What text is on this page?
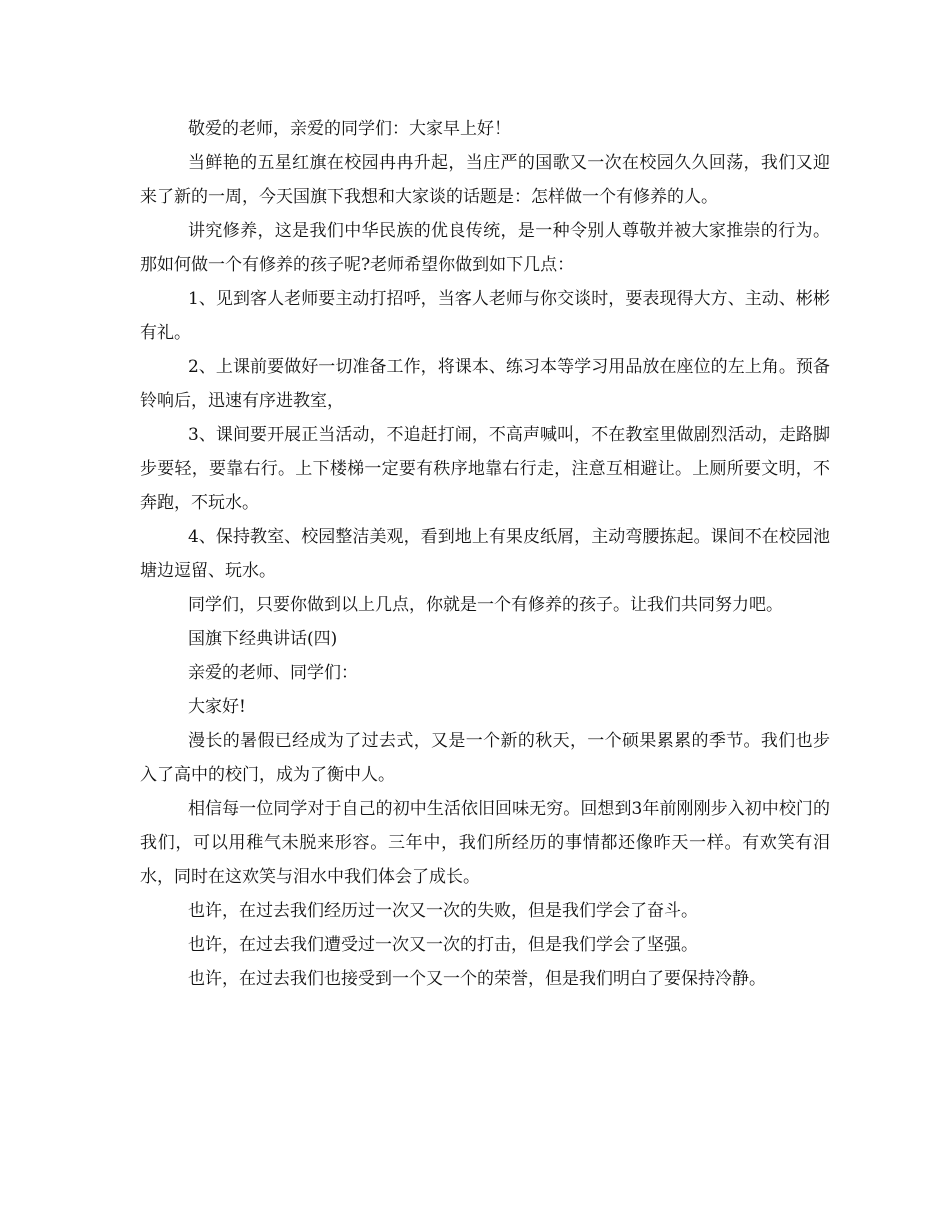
敬爱的老师，亲爱的同学们：大家早上好！

当鲜艳的五星红旗在校园冉冉升起，当庄严的国歌又一次在校园久久回荡，我们又迎来了新的一周，今天国旗下我想和大家谈的话题是：怎样做一个有修养的人。

讲究修养，这是我们中华民族的优良传统，是一种令别人尊敬并被大家推崇的行为。那如何做一个有修养的孩子呢?老师希望你做到如下几点：

1、见到客人老师要主动打招呼，当客人老师与你交谈时，要表现得大方、主动、彬彬有礼。

2、上课前要做好一切准备工作，将课本、练习本等学习用品放在座位的左上角。预备铃响后，迅速有序进教室，

3、课间要开展正当活动，不追赶打闹，不高声喊叫，不在教室里做剧烈活动，走路脚步要轻，要靠右行。上下楼梯一定要有秩序地靠右行走，注意互相避让。上厕所要文明，不奔跑，不玩水。

4、保持教室、校园整洁美观，看到地上有果皮纸屑，主动弯腰拣起。课间不在校园池塘边逗留、玩水。

同学们，只要你做到以上几点，你就是一个有修养的孩子。让我们共同努力吧。

国旗下经典讲话(四)

亲爱的老师、同学们：

大家好!

漫长的暑假已经成为了过去式，又是一个新的秋天，一个硕果累累的季节。我们也步入了高中的校门，成为了衡中人。

相信每一位同学对于自己的初中生活依旧回味无穷。回想到3年前刚刚步入初中校门的我们，可以用稚气未脱来形容。三年中，我们所经历的事情都还像昨天一样。有欢笑有泪水，同时在这欢笑与泪水中我们体会了成长。

也许，在过去我们经历过一次又一次的失败，但是我们学会了奋斗。

也许，在过去我们遭受过一次又一次的打击，但是我们学会了坚强。

也许，在过去我们也接受到一个又一个的荣誉，但是我们明白了要保持冷静。
